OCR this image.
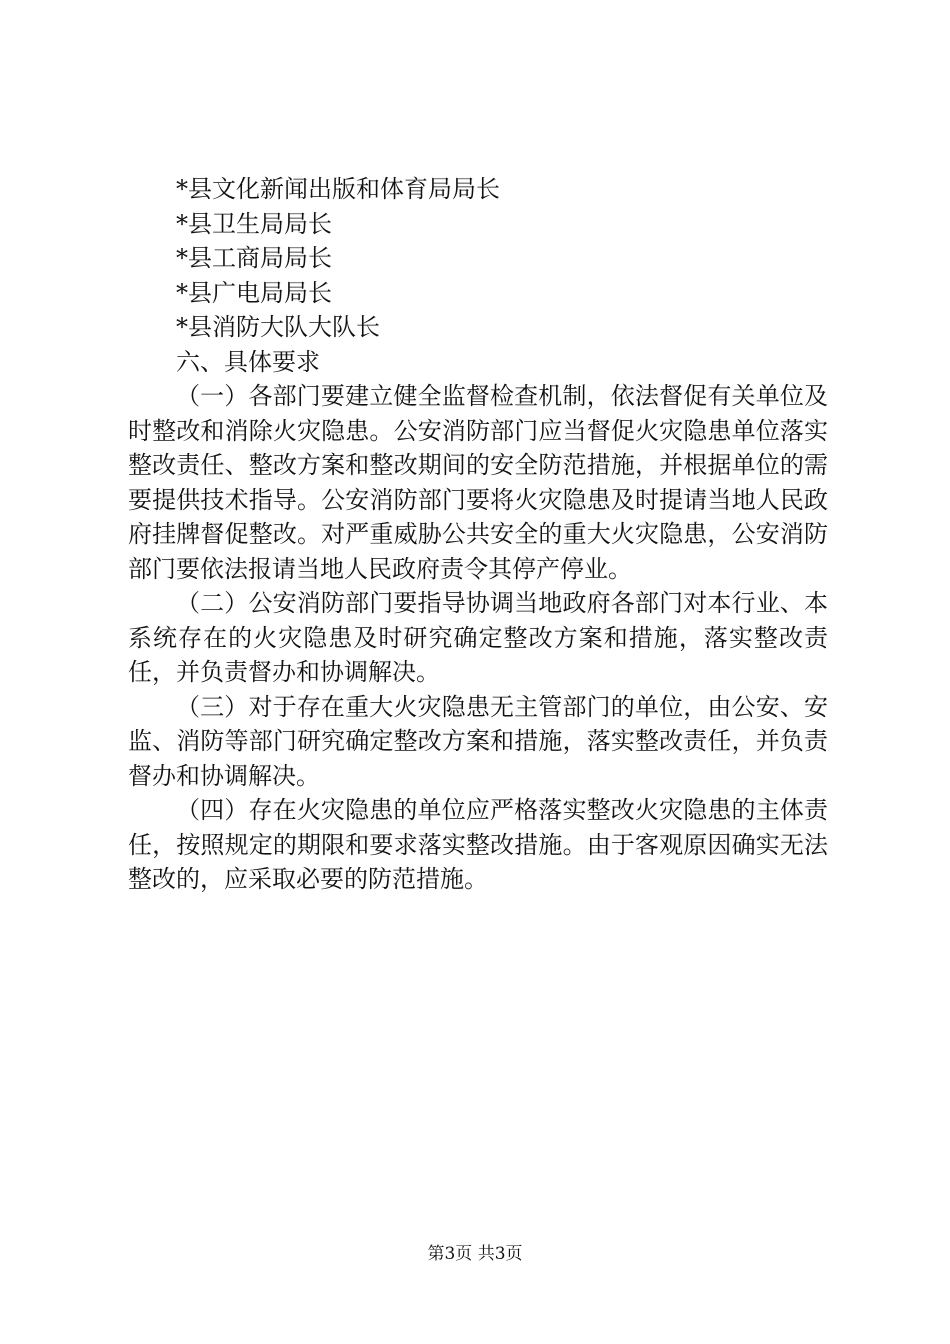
*县文化新闻出版和体育局局长

*县卫生局局长

*县工商局局长

*县广电局局长

*县消防大队大队长

六、具体要求

（一）各部门要建立健全监督检查机制，依法督促有关单位及时整改和消除火灾隐患。公安消防部门应当督促火灾隐患单位落实整改责任、整改方案和整改期间的安全防范措施，并根据单位的需要提供技术指导。公安消防部门要将火灾隐患及时提请当地人民政府挂牌督促整改。对严重威胁公共安全的重大火灾隐患，公安消防部门要依法报请当地人民政府责令其停产停业。

（二）公安消防部门要指导协调当地政府各部门对本行业、本系统存在的火灾隐患及时研究确定整改方案和措施，落实整改责任，并负责督办和协调解决。

（三）对于存在重大火灾隐患无主管部门的单位，由公安、安监、消防等部门研究确定整改方案和措施，落实整改责任，并负责督办和协调解决。

（四）存在火灾隐患的单位应严格落实整改火灾隐患的主体责任，按照规定的期限和要求落实整改措施。由于客观原因确实无法整改的，应采取必要的防范措施。

第3页 共3页
